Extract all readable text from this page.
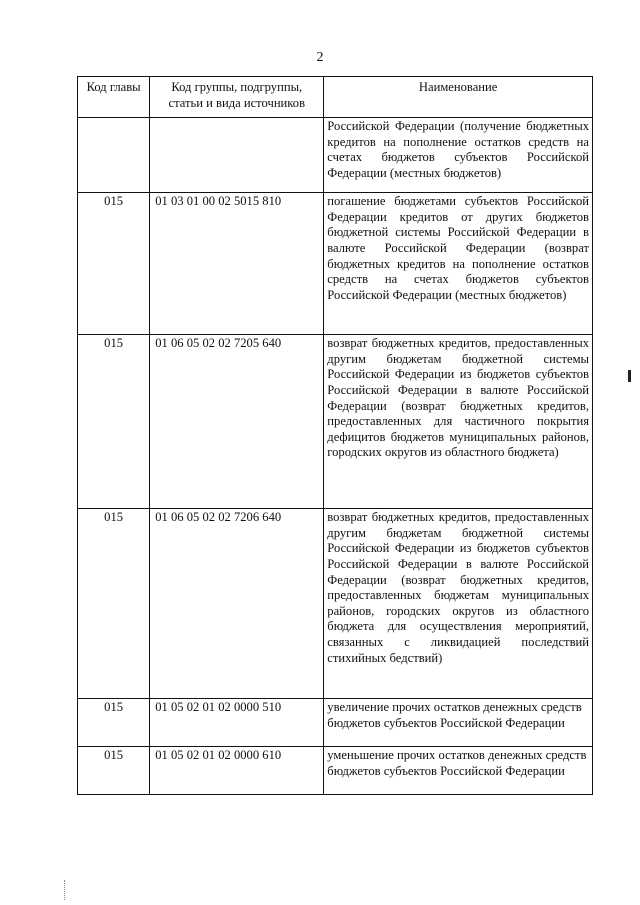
2
Код главы	Код группы, подгруппы, статьи и вида источников	Наименование
		Российской Федерации (получение бюджетных кредитов на пополнение остатков средств на счетах бюджетов субъектов Российской Федерации (местных бюджетов)
015	01 03 01 00 02 5015 810	погашение бюджетами субъектов Российской Федерации кредитов от других бюджетов бюджетной системы Российской Федерации в валюте Российской Федерации (возврат бюджетных кредитов на пополнение остатков средств на счетах бюджетов субъектов Российской Федерации (местных бюджетов)
015	01 06 05 02 02 7205 640	возврат бюджетных кредитов, предоставленных другим бюджетам бюджетной системы Российской Федерации из бюджетов субъектов Российской Федерации в валюте Российской Федерации (возврат бюджетных кредитов, предоставленных для частичного покрытия дефицитов бюджетов муниципальных районов, городских округов из областного бюджета)
015	01 06 05 02 02 7206 640	возврат бюджетных кредитов, предоставленных другим бюджетам бюджетной системы Российской Федерации из бюджетов субъектов Российской Федерации в валюте Российской Федерации (возврат бюджетных кредитов, предоставленных бюджетам муниципальных районов, городских округов из областного бюджета для осуществления мероприятий, связанных с ликвидацией последствий стихийных бедствий)
015	01 05 02 01 02 0000 510	увеличение прочих остатков денежных средств бюджетов субъектов Российской Федерации
015	01 05 02 01 02 0000 610	уменьшение прочих остатков денежных средств бюджетов субъектов Российской Федерации
